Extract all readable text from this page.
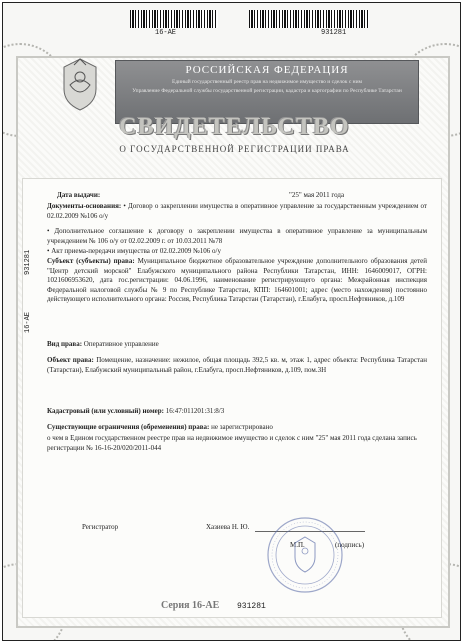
16-АЕ	931281
РОССИЙСКАЯ ФЕДЕРАЦИЯ
Единый государственный реестр прав на недвижимое имущество и сделок с ним
Управление Федеральной службы государственной регистрации, кадастра и картографии по Республике Татарстан
СВИДЕТЕЛЬСТВО
О ГОСУДАРСТВЕННОЙ РЕГИСТРАЦИИ ПРАВА
931281
16-АЕ
Дата выдачи:	"25" мая 2011 года
Документы-основания: • Договор о закреплении имущества в оперативное управление за государственным учреждением от 02.02.2009 №106 о/у
• Дополнительное соглашение к договору о закреплении имущества в оперативное управление за муниципальным учреждением № 106 о/у от 02.02.2009 г. от 10.03.2011 №78
• Акт приема-передачи имущества от 02.02.2009 №106 о/у
Субъект (субъекты) права: Муниципальное бюджетное образовательное учреждение дополнительного образования детей "Центр детский морской" Елабужского муниципального района Республики Татарстан, ИНН: 1646009017, ОГРН: 1021606953620, дата гос.регистрации: 04.06.1996, наименование регистрирующего органа: Межрайонная инспекция Федеральной налоговой службы № 9 по Республике Татарстан, КПП: 164601001; адрес (место нахождения) постоянно действующего исполнительного органа: Россия, Республика Татарстан (Татарстан), г.Елабуга, просп.Нефтяников, д.109
Вид права: Оперативное управление
Объект права: Помещение, назначение: нежилое, общая площадь 392,5 кв. м, этаж 1, адрес объекта: Республика Татарстан (Татарстан), Елабужский муниципальный район, г.Елабуга, просп.Нефтяников, д.109, пом.3Н
Кадастровый (или условный) номер: 16:47:011201:31:8/3
Существующие ограничения (обременения) права: не зарегистрировано
о чем в Едином государственном реестре прав на недвижимое имущество и сделок с ним "25" мая 2011 года сделана запись регистрации № 16-16-20/020/2011-044
Регистратор	Хазиева Н. Ю.
М.П.	(подпись)
Серия 16-АЕ 931281
